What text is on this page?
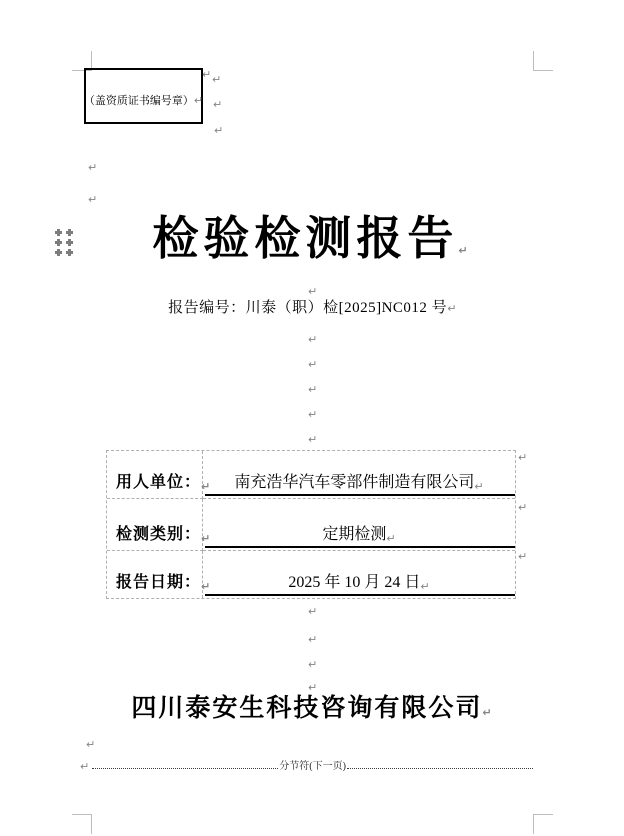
↵
（盖资质证书编号章） ↵
↵
↵
↵
↵
↵
检验检测报告↵
↵
报告编号：川泰（职）检[2025]NC012 号↵
↵
↵
↵
↵
↵
用人单位： ↵ 南充浩华汽车零部件制造有限公司 ↵
检测类别： ↵	定期检测 ↵
报告日期： ↵	2025 年 10 月 24 日 ↵
↵
↵
↵
↵
↵
↵
↵
四川泰安生科技咨询有限公司↵
↵
↵	分节符(下一页)
